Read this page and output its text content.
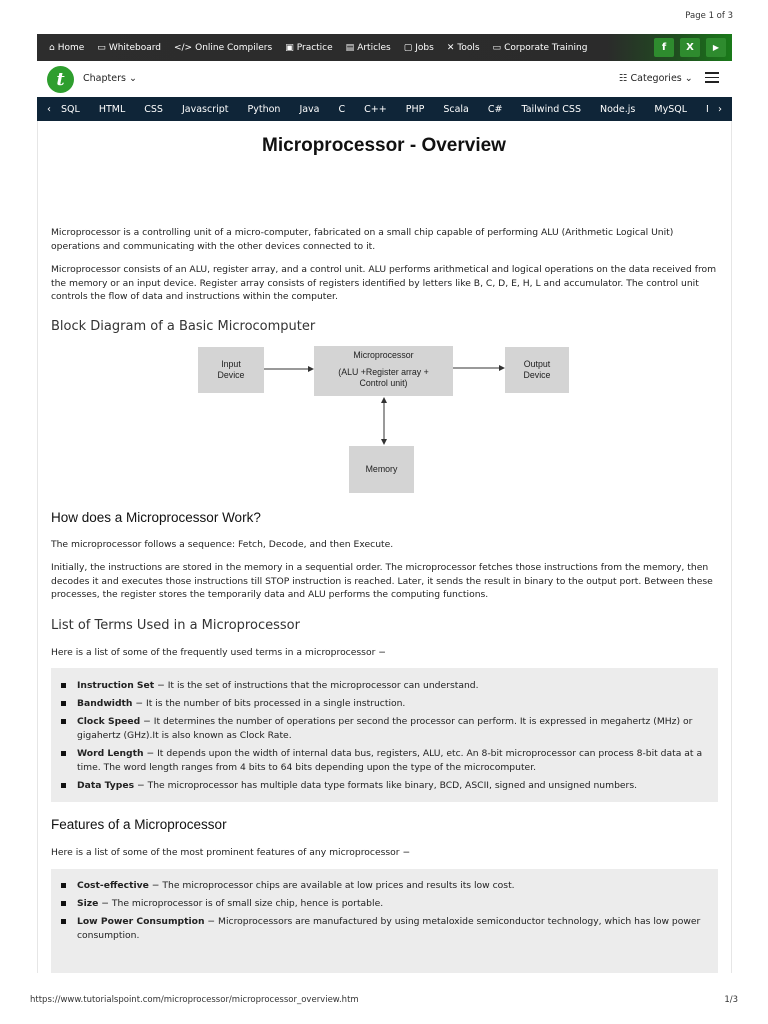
Page 1 of 3
⌂ Home ▭ Whiteboard </> Online Compilers ▣ Practice ▤ Articles ▢ Jobs ✕ Tools ▭ Corporate Training	f	X	▶
t	Chapters ⌄	☷ Categories ⌄
‹	SQL HTML CSS Javascript Python Java C C++ PHP Scala C# Tailwind CSS Node.js MySQL	›
Microprocessor - Overview
Microprocessor is a controlling unit of a micro-computer, fabricated on a small chip capable of performing ALU (Arithmetic Logical Unit) operations and communicating with the other devices connected to it.
Microprocessor consists of an ALU, register array, and a control unit. ALU performs arithmetical and logical operations on the data received from the memory or an input device. Register array consists of registers identified by letters like B, C, D, E, H, L and accumulator. The control unit controls the flow of data and instructions within the computer.
Block Diagram of a Basic Microcomputer
Input
Device
Microprocessor
(ALU +Register array +
Control unit)
Output
Device
Memory
How does a Microprocessor Work?
The microprocessor follows a sequence: Fetch, Decode, and then Execute.
Initially, the instructions are stored in the memory in a sequential order. The microprocessor fetches those instructions from the memory, then decodes it and executes those instructions till STOP instruction is reached. Later, it sends the result in binary to the output port. Between these processes, the register stores the temporarily data and ALU performs the computing functions.
List of Terms Used in a Microprocessor
Here is a list of some of the frequently used terms in a microprocessor −
Instruction Set − It is the set of instructions that the microprocessor can understand.
Bandwidth − It is the number of bits processed in a single instruction.
Clock Speed − It determines the number of operations per second the processor can perform. It is expressed in megahertz (MHz) or gigahertz (GHz).It is also known as Clock Rate.
Word Length − It depends upon the width of internal data bus, registers, ALU, etc. An 8-bit microprocessor can process 8-bit data at a time. The word length ranges from 4 bits to 64 bits depending upon the type of the microcomputer.
Data Types − The microprocessor has multiple data type formats like binary, BCD, ASCII, signed and unsigned numbers.
Features of a Microprocessor
Here is a list of some of the most prominent features of any microprocessor −
Cost-effective − The microprocessor chips are available at low prices and results its low cost.
Size − The microprocessor is of small size chip, hence is portable.
Low Power Consumption − Microprocessors are manufactured by using metaloxide semiconductor technology, which has low power consumption.
https://www.tutorialspoint.com/microprocessor/microprocessor_overview.htm	1/3
